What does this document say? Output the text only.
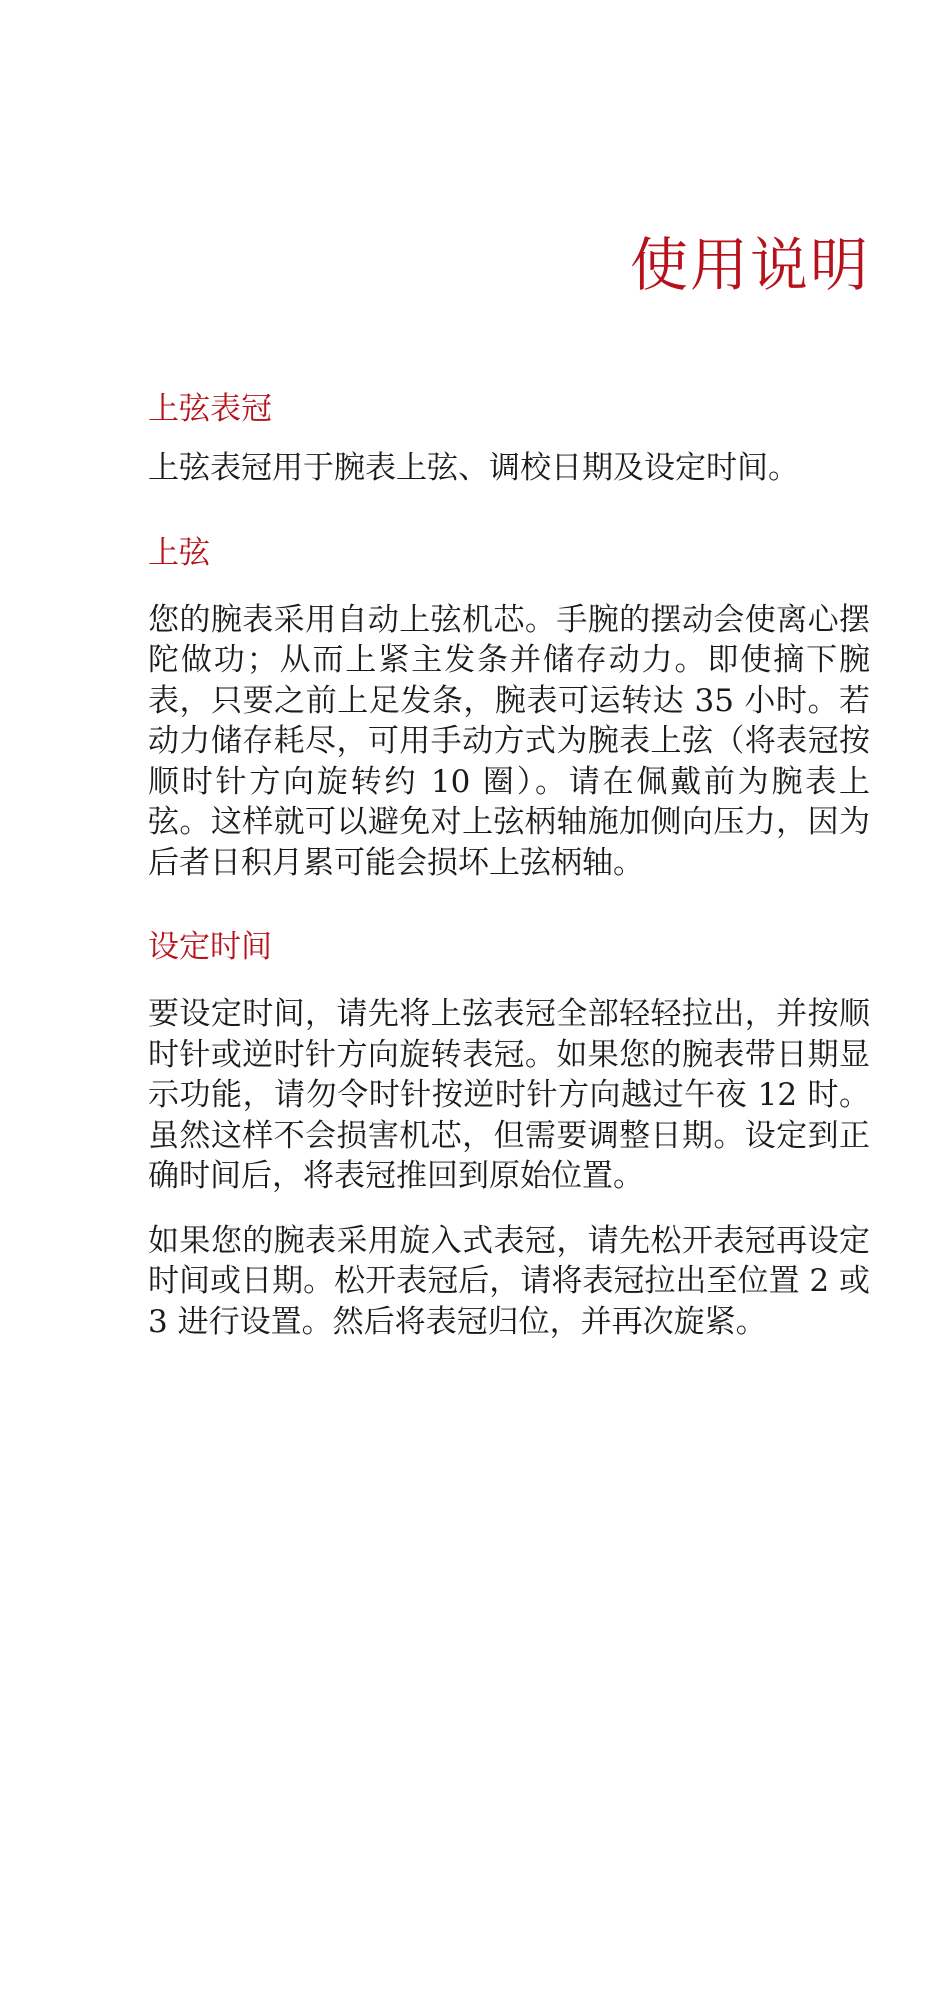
使用说明
上弦表冠

上弦表冠用于腕表上弦、调校日期及设定时间。

上弦

您的腕表采用自动上弦机芯。手腕的摆动会使离心摆陀做功；从而上紧主发条并储存动力。即使摘下腕表，只要之前上足发条，腕表可运转达 35 小时。若动力储存耗尽，可用手动方式为腕表上弦（将表冠按顺时针方向旋转约 10 圈）。请在佩戴前为腕表上弦。这样就可以避免对上弦柄轴施加侧向压力，因为后者日积月累可能会损坏上弦柄轴。

设定时间

要设定时间，请先将上弦表冠全部轻轻拉出，并按顺时针或逆时针方向旋转表冠。如果您的腕表带日期显示功能，请勿令时针按逆时针方向越过午夜 12 时。虽然这样不会损害机芯，但需要调整日期。设定到正确时间后，将表冠推回到原始位置。

如果您的腕表采用旋入式表冠，请先松开表冠再设定时间或日期。松开表冠后，请将表冠拉出至位置 2 或 3 进行设置。然后将表冠归位，并再次旋紧。
